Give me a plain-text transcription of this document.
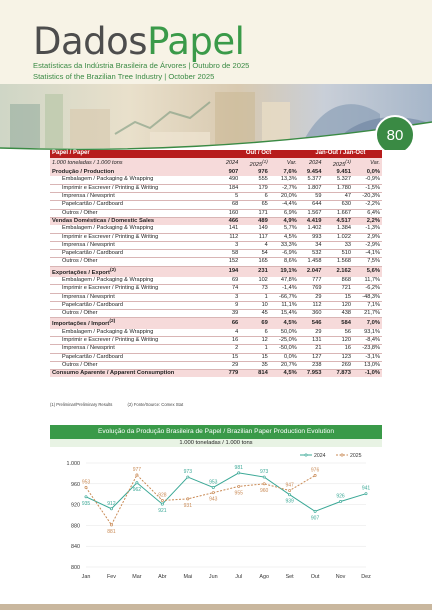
DadosPapel
Estatísticas da Indústria Brasileira de Árvores | Outubro de 2025
Statistics of the Brazilian Tree Industry | October 2025
80
Papel / Paper	Out / Oct			Jan-Out / Jan-Oct		
1.000 toneladas / 1.000 tons	2024	2025$^{(1)}$	Var.	2024	2025$^{(1)}$	Var.
Produção / Production	907	976	7,6%	9.454	9.451	0,0%
Embalagem / Packaging & Wrapping	490	555	13,3%	5.377	5.327	-0,9%
Imprimir e Escrever / Printing & Writing	184	179	-2,7%	1.807	1.780	-1,5%
Imprensa / Newsprint	5	6	20,0%	59	47	-20,3%
Papelcartão / Cardboard	68	65	-4,4%	644	630	-2,2%
Outros / Other	160	171	6,9%	1.567	1.667	6,4%
Vendas Domésticas / Domestic Sales	466	489	4,9%	4.419	4.517	2,2%
Embalagem / Packaging & Wrapping	141	149	5,7%	1.402	1.384	-1,3%
Imprimir e Escrever / Printing & Writing	112	117	4,5%	993	1.022	2,9%
Imprensa / Newsprint	3	4	33,3%	34	33	-2,9%
Papelcartão / Cardboard	58	54	-6,9%	532	510	-4,1%
Outros / Other	152	165	8,6%	1.458	1.568	7,5%
Exportações / Export$^{(2)}$	194	231	19,1%	2.047	2.162	5,6%
Embalagem / Packaging & Wrapping	69	102	47,8%	777	868	11,7%
Imprimir e Escrever / Printing & Writing	74	73	-1,4%	769	721	-6,2%
Imprensa / Newsprint	3	1	-66,7%	29	15	-48,3%
Papelcartão / Cardboard	9	10	11,1%	112	120	7,1%
Outros / Other	39	45	15,4%	360	438	21,7%
Importações / Import$^{(2)}$	66	69	4,5%	546	584	7,0%
Embalagem / Packaging & Wrapping	4	6	50,0%	29	56	93,1%
Imprimir e Escrever / Printing & Writing	16	12	-25,0%	131	120	-8,4%
Imprensa / Newsprint	2	1	-50,0%	21	16	-23,8%
Papelcartão / Cardboard	15	15	0,0%	127	123	-3,1%
Outros / Other	29	35	20,7%	238	269	13,0%
Consumo Aparente / Apparent Consumption	779	814	4,5%	7.953	7.873	-1,0%
(1) Preliminar/Preliminary Results	(2) Fonte/Source: Comex Stat
Evolução da Produção Brasileira de Papel / Brazilian Paper Production Evolution
1.000 toneladas / 1.000 tons
800
840
880
920
960
1.000
Jan	Fev	Mar	Abr	Mai	Jun	Jul	Ago	Set	Out	Nov	Dez
935	912
962
921
973
953
981
973
939
907
926
941
953
881
977
928
931
943
955	960
947
976
2024	2025
